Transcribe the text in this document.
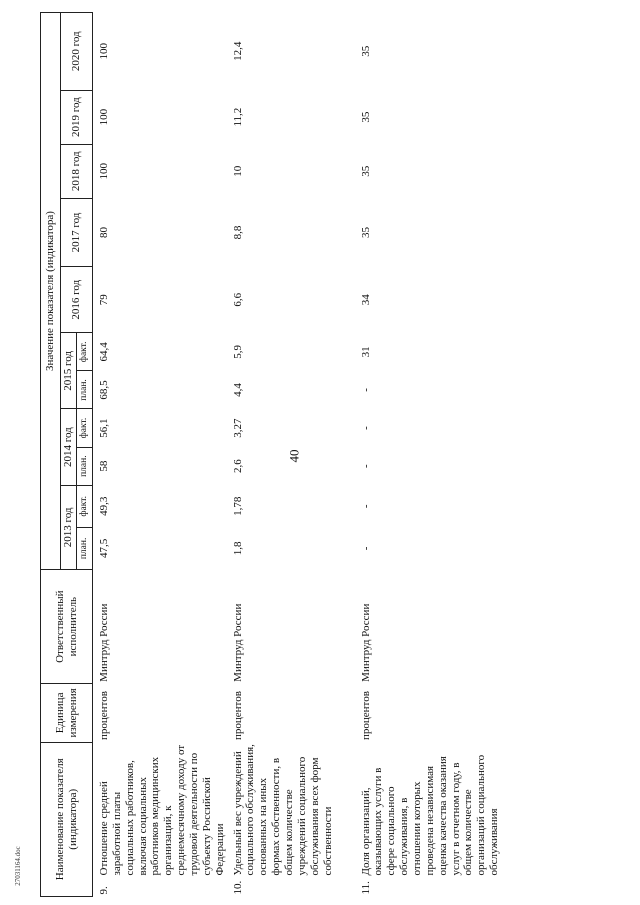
40
27031164.doc	Наименование показателя (индикатора)		Единица измерения	Ответственный исполнитель	Значение показателя (индикатора)										
				2013 год		2014 год		2015 год		2016 год	2017 год	2018 год	2019 год	2020 год
				план.	факт.	план.	факт.	план.	факт.					
9.	Отношение средней заработной платы социальных работников, включая социальных работников медицинских организаций, к среднемесячному доходу от трудовой деятельности по субъекту Российской Федерации	процентов	Минтруд России	47,5	49,3	58	56,1	68,5	64,4	79	80	100	100	100
10.	Удельный вес учреждений социального обслуживания, основанных на иных формах собственности, в общем количестве учреждений социального обслуживания всех форм собственности	процентов	Минтруд России	1,8	1,78	2,6	3,27	4,4	5,9	6,6	8,8	10	11,2	12,4
11.	Доля организаций, оказывающих услуги в сфере социального обслуживания, в отношении которых проведена независимая оценка качества оказания услуг в отчетном году, в общем количестве организаций социального обслуживания	процентов	Минтруд России	-	-	-	-	-	31	34	35	35	35	35
